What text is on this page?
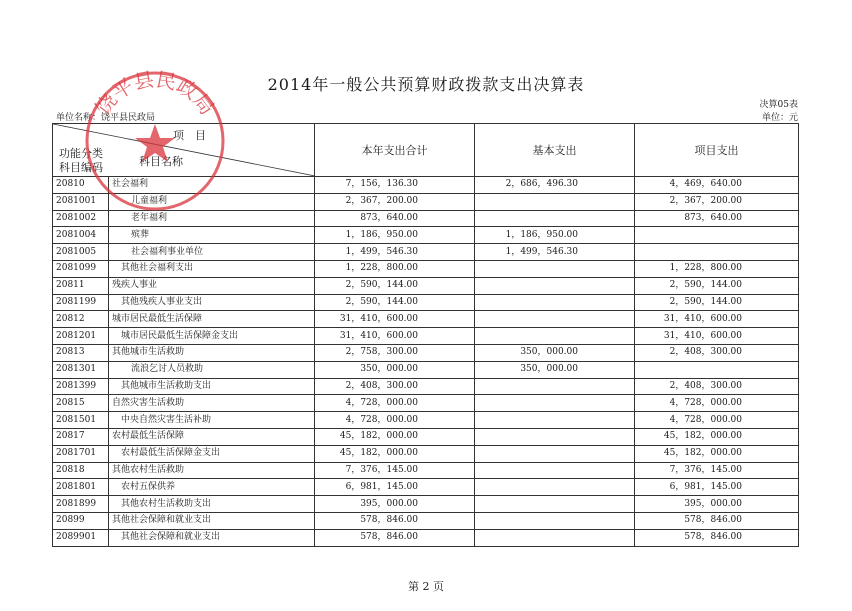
2014年一般公共预算财政拨款支出决算表
决算05表
单位名称：饶平县民政局	单位：元
项　目
功能分类
科目编码 科目名称		本年支出合计	基本支出	项目支出
20810	社会福利	7，156，136.30	2，686，496.30	4，469，640.00
2081001	儿童福利	2，367，200.00		2，367，200.00
2081002	老年福利	873，640.00		873，640.00
2081004	殡葬	1，186，950.00	1，186，950.00	
2081005	社会福利事业单位	1，499，546.30	1，499，546.30	
2081099	其他社会福利支出	1，228，800.00		1，228，800.00
20811	残疾人事业	2，590，144.00		2，590，144.00
2081199	其他残疾人事业支出	2，590，144.00		2，590，144.00
20812	城市居民最低生活保障	31，410，600.00		31，410，600.00
2081201	城市居民最低生活保障金支出	31，410，600.00		31，410，600.00
20813	其他城市生活救助	2，758，300.00	350，000.00	2，408，300.00
2081301	流浪乞讨人员救助	350，000.00	350，000.00	
2081399	其他城市生活救助支出	2，408，300.00		2，408，300.00
20815	自然灾害生活救助	4，728，000.00		4，728，000.00
2081501	中央自然灾害生活补助	4，728，000.00		4，728，000.00
20817	农村最低生活保障	45，182，000.00		45，182，000.00
2081701	农村最低生活保障金支出	45，182，000.00		45，182，000.00
20818	其他农村生活救助	7，376，145.00		7，376，145.00
2081801	农村五保供养	6，981，145.00		6，981，145.00
2081899	其他农村生活救助支出	395，000.00		395，000.00
20899	其他社会保障和就业支出	578，846.00		578，846.00
2089901	其他社会保障和就业支出	578，846.00		578，846.00
饶平县民政局
第 2 页
